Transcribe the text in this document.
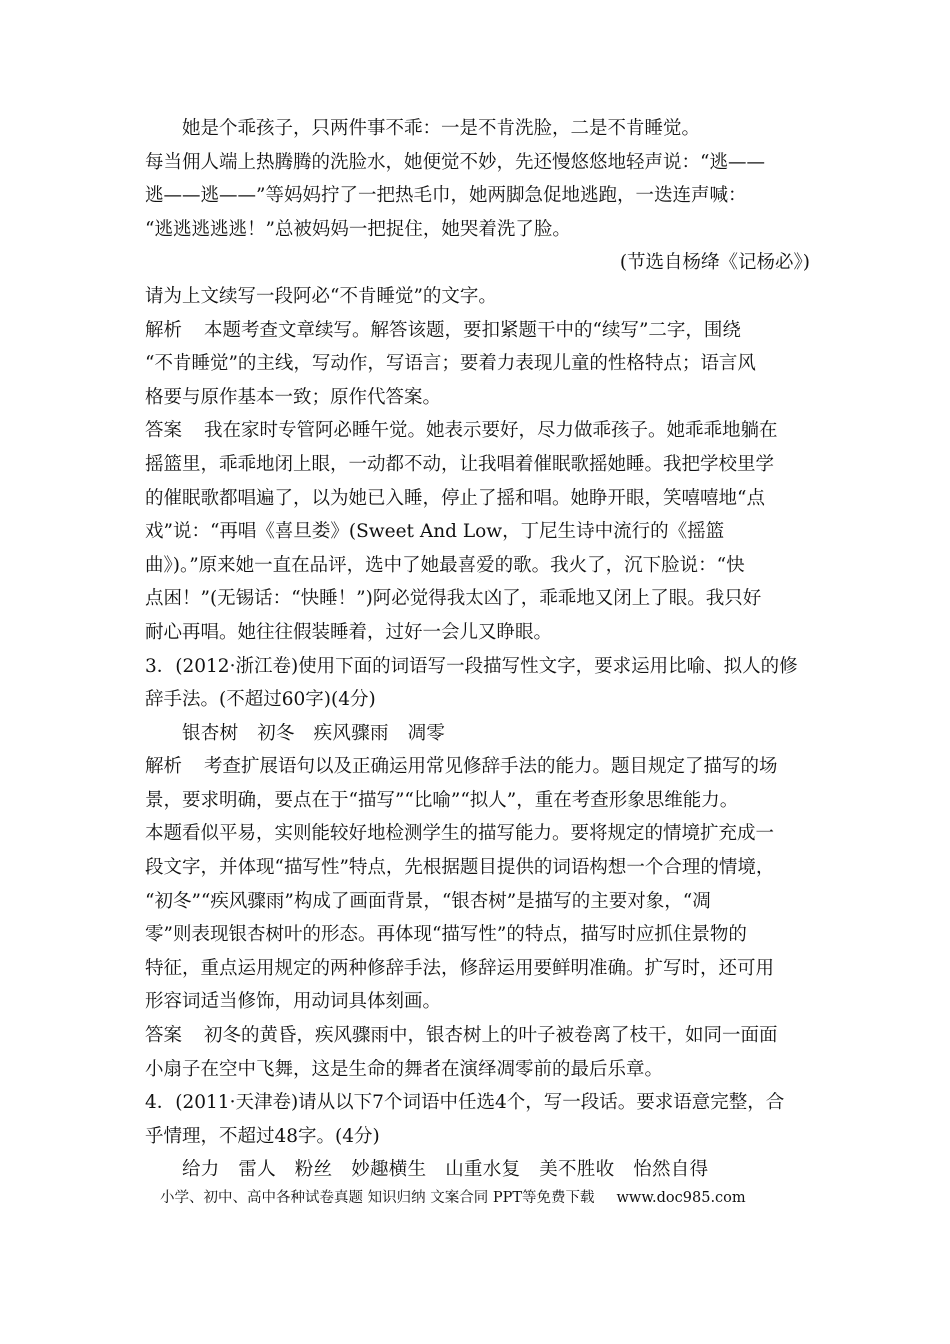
她是个乖孩子，只两件事不乖：一是不肯洗脸，二是不肯睡觉。
每当佣人端上热腾腾的洗脸水，她便觉不妙，先还慢悠悠地轻声说：“逃——
逃——逃——”等妈妈拧了一把热毛巾，她两脚急促地逃跑，一迭连声喊：
“逃逃逃逃逃！”总被妈妈一把捉住，她哭着洗了脸。
(节选自杨绛《记杨必》)
请为上文续写一段阿必“不肯睡觉”的文字。
解析 本题考查文章续写。解答该题，要扣紧题干中的“续写”二字，围绕
“不肯睡觉”的主线，写动作，写语言；要着力表现儿童的性格特点；语言风
格要与原作基本一致；原作代答案。
答案 我在家时专管阿必睡午觉。她表示要好，尽力做乖孩子。她乖乖地躺在
摇篮里，乖乖地闭上眼，一动都不动，让我唱着催眠歌摇她睡。我把学校里学
的催眠歌都唱遍了，以为她已入睡，停止了摇和唱。她睁开眼，笑嘻嘻地“点
戏”说：“再唱《喜旦娄》(Sweet And Low，丁尼生诗中流行的《摇篮
曲》)。”原来她一直在品评，选中了她最喜爱的歌。我火了，沉下脸说：“快
点困！”(无锡话：“快睡！”)阿必觉得我太凶了，乖乖地又闭上了眼。我只好
耐心再唱。她往往假装睡着，过好一会儿又睁眼。
3．(2012·浙江卷)使用下面的词语写一段描写性文字，要求运用比喻、拟人的修
辞手法。(不超过60字)(4分)
银杏树　初冬　疾风骤雨　凋零
解析 考查扩展语句以及正确运用常见修辞手法的能力。题目规定了描写的场
景，要求明确，要点在于“描写”“比喻”“拟人”，重在考查形象思维能力。
本题看似平易，实则能较好地检测学生的描写能力。要将规定的情境扩充成一
段文字，并体现“描写性”特点，先根据题目提供的词语构想一个合理的情境，
“初冬”“疾风骤雨”构成了画面背景，“银杏树”是描写的主要对象，“凋
零”则表现银杏树叶的形态。再体现“描写性”的特点，描写时应抓住景物的
特征，重点运用规定的两种修辞手法，修辞运用要鲜明准确。扩写时，还可用
形容词适当修饰，用动词具体刻画。
答案 初冬的黄昏，疾风骤雨中，银杏树上的叶子被卷离了枝干，如同一面面
小扇子在空中飞舞，这是生命的舞者在演绎凋零前的最后乐章。
4．(2011·天津卷)请从以下7个词语中任选4个，写一段话。要求语意完整，合
乎情理，不超过48字。(4分)
给力　雷人　粉丝　妙趣横生　山重水复　美不胜收　怡然自得
小学、初中、高中各种试卷真题 知识归纳 文案合同 PPT等免费下载 www.doc985.com
